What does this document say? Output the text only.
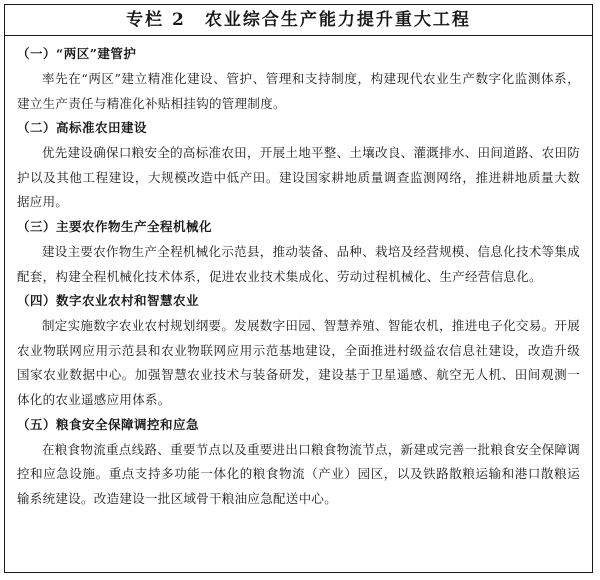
专栏 2　农业综合生产能力提升重大工程
（一）“两区”建管护

率先在“两区”建立精准化建设、管护、管理和支持制度，构建现代农业生产数字化监测体系，建立生产责任与精准化补贴相挂钩的管理制度。

（二）高标准农田建设

优先建设确保口粮安全的高标准农田，开展土地平整、土壤改良、灌溉排水、田间道路、农田防护以及其他工程建设，大规模改造中低产田。建设国家耕地质量调查监测网络，推进耕地质量大数据应用。

（三）主要农作物生产全程机械化

建设主要农作物生产全程机械化示范县，推动装备、品种、栽培及经营规模、信息化技术等集成配套，构建全程机械化技术体系，促进农业技术集成化、劳动过程机械化、生产经营信息化。

（四）数字农业农村和智慧农业

制定实施数字农业农村规划纲要。发展数字田园、智慧养殖、智能农机，推进电子化交易。开展农业物联网应用示范县和农业物联网应用示范基地建设，全面推进村级益农信息社建设，改造升级国家农业数据中心。加强智慧农业技术与装备研发，建设基于卫星遥感、航空无人机、田间观测一体化的农业遥感应用体系。

（五）粮食安全保障调控和应急

在粮食物流重点线路、重要节点以及重要进出口粮食物流节点，新建或完善一批粮食安全保障调控和应急设施。重点支持多功能一体化的粮食物流（产业）园区，以及铁路散粮运输和港口散粮运输系统建设。改造建设一批区域骨干粮油应急配送中心。
